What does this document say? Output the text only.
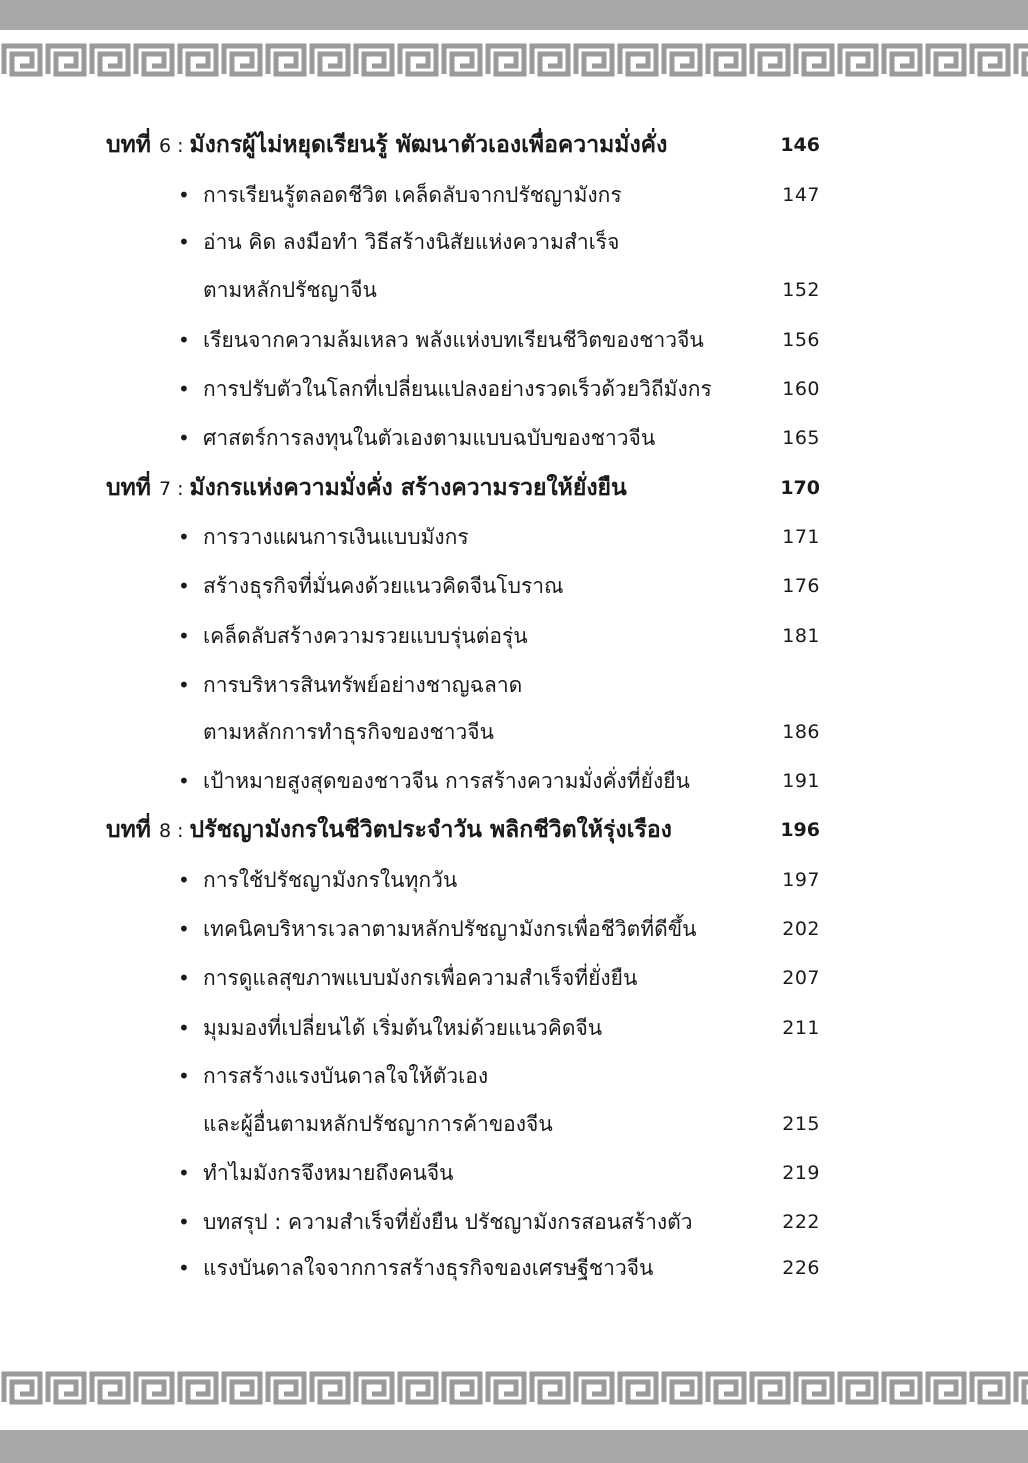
บทที่ 6 : มังกรผู้ไม่หยุดเรียนรู้ พัฒนาตัวเองเพื่อความมั่งคั่ง	146
• การเรียนรู้ตลอดชีวิต เคล็ดลับจากปรัชญามังกร	147
• อ่าน คิด ลงมือทำ วิธีสร้างนิสัยแห่งความสำเร็จ
ตามหลักปรัชญาจีน	152
• เรียนจากความล้มเหลว พลังแห่งบทเรียนชีวิตของชาวจีน	156
• การปรับตัวในโลกที่เปลี่ยนแปลงอย่างรวดเร็วด้วยวิถีมังกร	160
• ศาสตร์การลงทุนในตัวเองตามแบบฉบับของชาวจีน	165
บทที่ 7 : มังกรแห่งความมั่งคั่ง สร้างความรวยให้ยั่งยืน	170
• การวางแผนการเงินแบบมังกร	171
• สร้างธุรกิจที่มั่นคงด้วยแนวคิดจีนโบราณ	176
• เคล็ดลับสร้างความรวยแบบรุ่นต่อรุ่น	181
• การบริหารสินทรัพย์อย่างชาญฉลาด
ตามหลักการทำธุรกิจของชาวจีน	186
• เป้าหมายสูงสุดของชาวจีน การสร้างความมั่งคั่งที่ยั่งยืน	191
บทที่ 8 : ปรัชญามังกรในชีวิตประจำวัน พลิกชีวิตให้รุ่งเรือง	196
• การใช้ปรัชญามังกรในทุกวัน	197
• เทคนิคบริหารเวลาตามหลักปรัชญามังกรเพื่อชีวิตที่ดีขึ้น	202
• การดูแลสุขภาพแบบมังกรเพื่อความสำเร็จที่ยั่งยืน	207
• มุมมองที่เปลี่ยนได้ เริ่มต้นใหม่ด้วยแนวคิดจีน	211
• การสร้างแรงบันดาลใจให้ตัวเอง
และผู้อื่นตามหลักปรัชญาการค้าของจีน	215
• ทำไมมังกรจึงหมายถึงคนจีน	219
• บทสรุป : ความสำเร็จที่ยั่งยืน ปรัชญามังกรสอนสร้างตัว	222
• แรงบันดาลใจจากการสร้างธุรกิจของเศรษฐีชาวจีน	226
